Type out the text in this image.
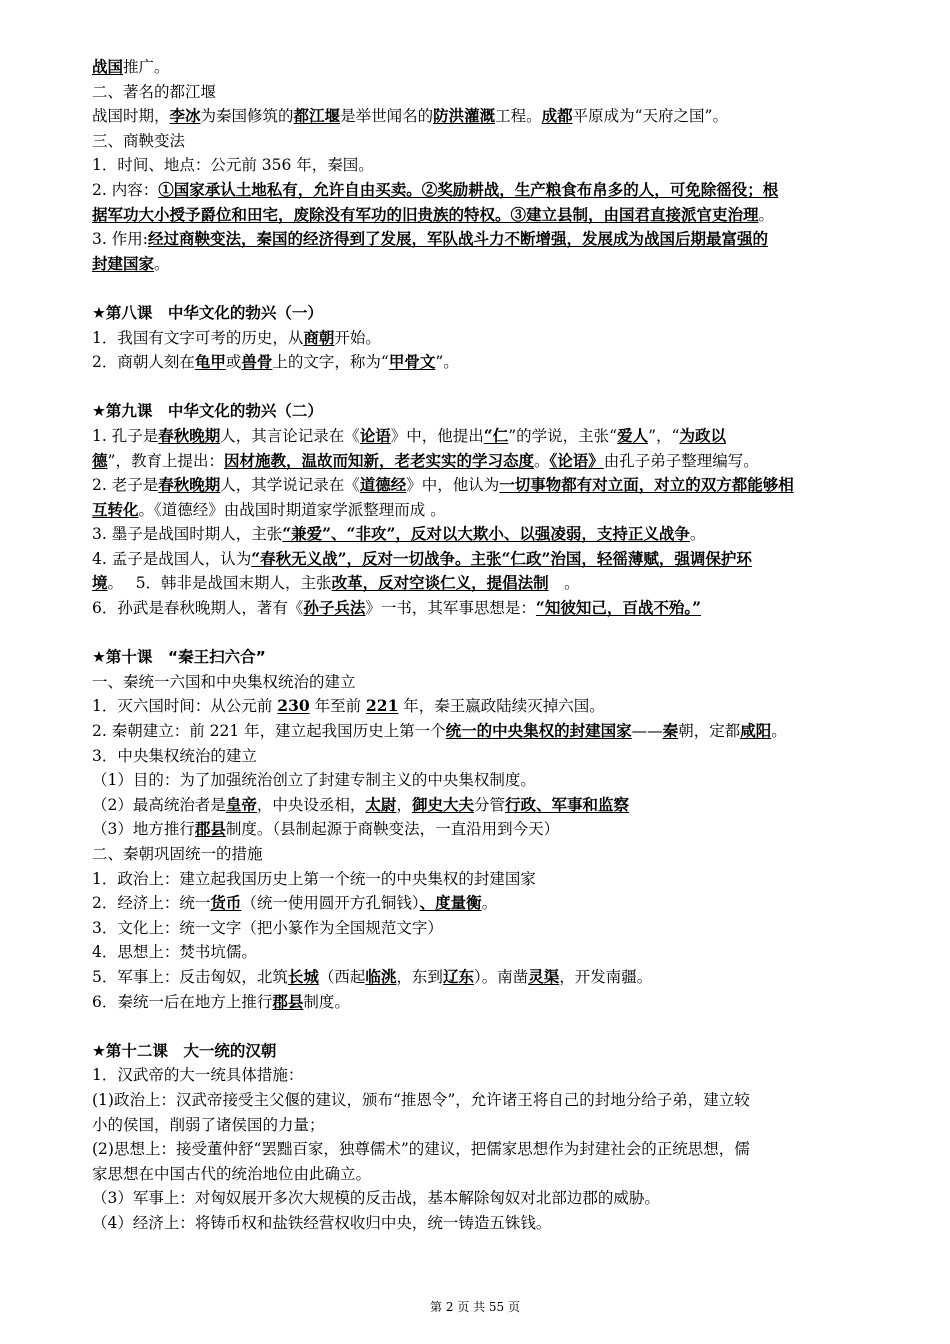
战国推广。
二、著名的都江堰
战国时期，李冰为秦国修筑的都江堰是举世闻名的防洪灌溉工程。成都平原成为“天府之国”。
三、商鞅变法
1．时间、地点：公元前 356 年，秦国。
2. 内容：①国家承认土地私有，允许自由买卖。②奖励耕战，生产粮食布帛多的人，可免除徭役；根
据军功大小授予爵位和田宅，废除没有军功的旧贵族的特权。③建立县制，由国君直接派官吏治理。
3. 作用:经过商鞅变法，秦国的经济得到了发展，军队战斗力不断增强，发展成为战国后期最富强的
封建国家。
★第八课　中华文化的勃兴（一）
1．我国有文字可考的历史，从商朝开始。
2．商朝人刻在龟甲或兽骨上的文字，称为“甲骨文”。
★第九课　中华文化的勃兴（二）
1. 孔子是春秋晚期人，其言论记录在《论语》中，他提出“仁”的学说，主张“爱人”，“为政以
德”，教育上提出：因材施教，温故而知新，老老实实的学习态度。《论语》由孔子弟子整理编写。
2. 老子是春秋晚期人，其学说记录在《道德经》中，他认为一切事物都有对立面，对立的双方都能够相
互转化。《道德经》由战国时期道家学派整理而成 。
3. 墨子是战国时期人，主张“兼爱”、“非攻”，反对以大欺小、以强凌弱，支持正义战争。
4. 孟子是战国人，认为“春秋无义战”，反对一切战争。主张“仁政”治国，轻徭薄赋，强调保护环
境。　 5．韩非是战国末期人，主张改革，反对空谈仁义，提倡法制　。
6．孙武是春秋晚期人，著有《孙子兵法》一书，其军事思想是：“知彼知己，百战不殆。”
★第十课　“秦王扫六合”
一、秦统一六国和中央集权统治的建立
1．灭六国时间：从公元前 230 年至前 221 年，秦王嬴政陆续灭掉六国。
2. 秦朝建立：前 221 年，建立起我国历史上第一个统一的中央集权的封建国家——秦朝，定都咸阳。
3．中央集权统治的建立
（1）目的：为了加强统治创立了封建专制主义的中央集权制度。
（2）最高统治者是皇帝，中央设丞相，太尉，御史大夫分管行政、军事和监察
（3）地方推行郡县制度。（县制起源于商鞅变法，一直沿用到今天）
二、秦朝巩固统一的措施
1．政治上：建立起我国历史上第一个统一的中央集权的封建国家
2．经济上：统一货币（统一使用圆开方孔铜钱）、度量衡。
3．文化上：统一文字（把小篆作为全国规范文字）
4．思想上：焚书坑儒。
5．军事上：反击匈奴，北筑长城（西起临洮，东到辽东）。南凿灵渠，开发南疆。
6．秦统一后在地方上推行郡县制度。
★第十二课　大一统的汉朝
1．汉武帝的大一统具体措施：
(1)政治上：汉武帝接受主父偃的建议，颁布“推恩令”，允许诸王将自己的封地分给子弟，建立较
小的侯国，削弱了诸侯国的力量；
(2)思想上：接受董仲舒“罢黜百家，独尊儒术”的建议，把儒家思想作为封建社会的正统思想，儒
家思想在中国古代的统治地位由此确立。
（3）军事上：对匈奴展开多次大规模的反击战，基本解除匈奴对北部边郡的威胁。
（4）经济上：将铸币权和盐铁经营权收归中央，统一铸造五铢钱。
第 2 页 共 55 页
